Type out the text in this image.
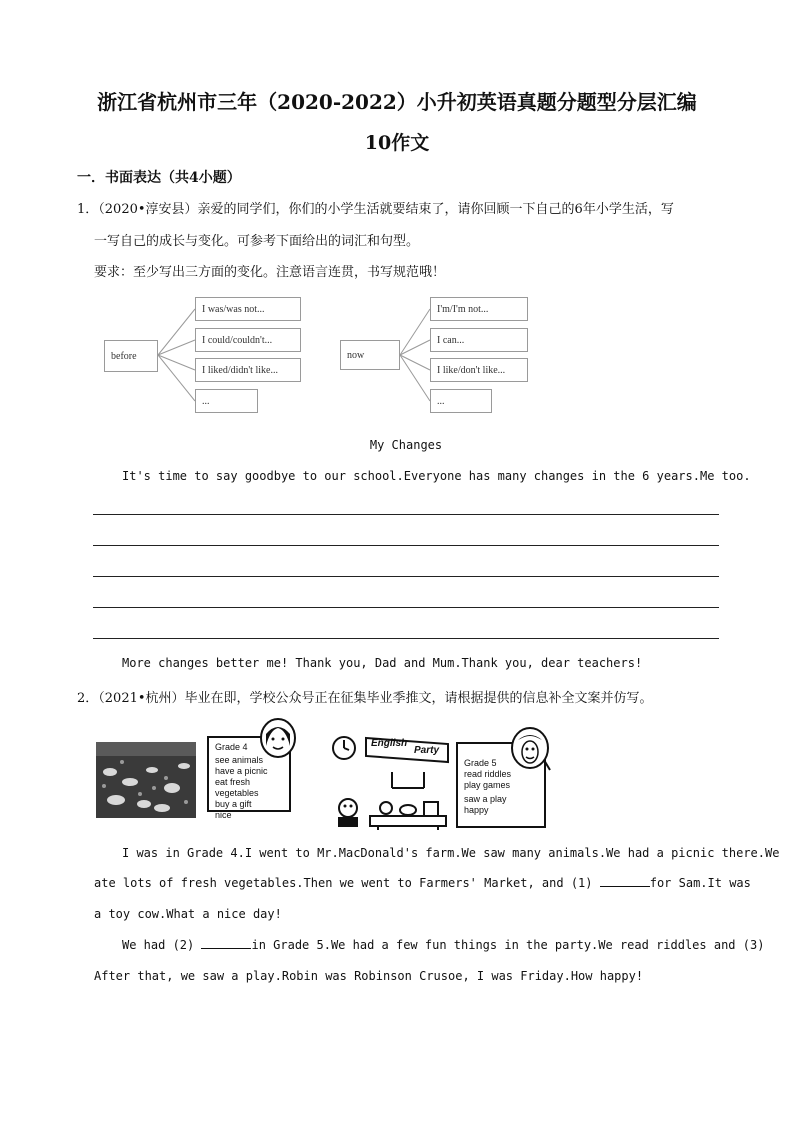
浙江省杭州市三年（2020-2022）小升初英语真题分题型分层汇编
10作文
一．书面表达（共4小题）
1．（2020•淳安县）亲爱的同学们，你们的小学生活就要结束了，请你回顾一下自己的6年小学生活，写
一写自己的成长与变化。可参考下面给出的词汇和句型。
要求：至少写出三方面的变化。注意语言连贯，书写规范哦！
before
I was/was not...
I could/couldn't...
I liked/didn't like...
...
now
I'm/I'm not...
I can...
I like/don't like...
...
My Changes
It's time to say goodbye to our school.Everyone has many changes in the 6 years.Me too.
More changes better me! Thank you, Dad and Mum.Thank you, dear teachers!
2．（2021•杭州）毕业在即，学校公众号正在征集毕业季推文，请根据提供的信息补全文案并仿写。
Grade 4
see animals
have a picnic
eat fresh vegetables
buy a gift
nice
English
Party
Grade 5
read riddles
play games
saw a play
happy
I was in Grade 4.I went to Mr.MacDonald's farm.We saw many animals.We had a picnic there.We
ate lots of fresh vegetables.Then we went to Farmers' Market, and (1)	for Sam.It was
a toy cow.What a nice day!
We had (2)	in Grade 5.We had a few fun things in the party.We read riddles and (3)
After that, we saw a play.Robin was Robinson Crusoe, I was Friday.How happy!
